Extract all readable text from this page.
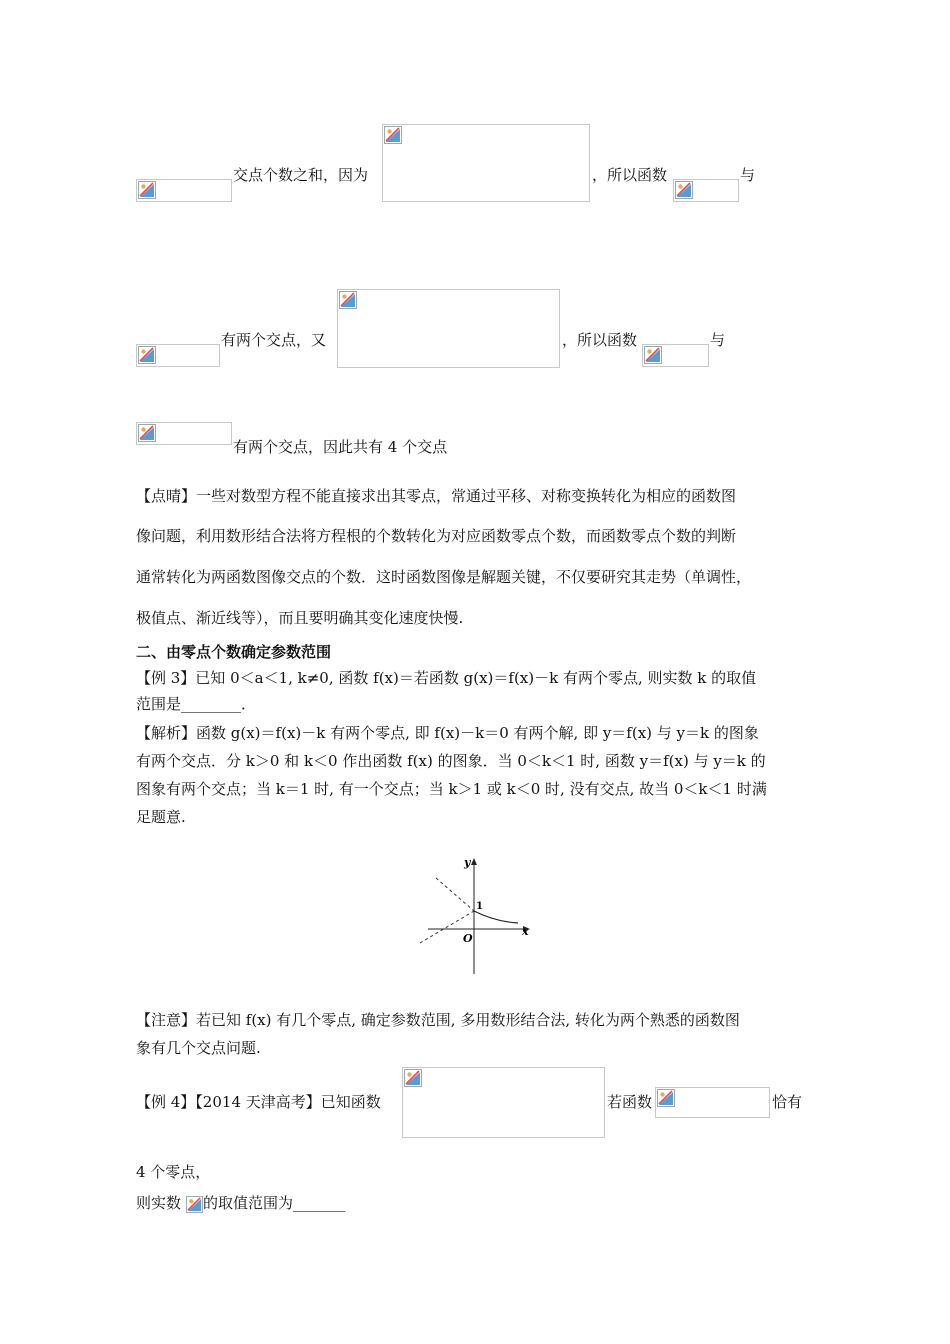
交点个数之和，因为	，所以函数	与
有两个交点，又	，所以函数	与
有两个交点，因此共有 4 个交点
【点晴】一些对数型方程不能直接求出其零点，常通过平移、对称变换转化为相应的函数图
像问题，利用数形结合法将方程根的个数转化为对应函数零点个数，而函数零点个数的判断
通常转化为两函数图像交点的个数．这时函数图像是解题关键，不仅要研究其走势（单调性，
极值点、渐近线等），而且要明确其变化速度快慢.
二、由零点个数确定参数范围
【例 3】已知 0＜a＜1, k≠0, 函数 f(x)＝若函数 g(x)＝f(x)－k 有两个零点, 则实数 k 的取值
范围是________．
【解析】函数 g(x)＝f(x)－k 有两个零点, 即 f(x)－k＝0 有两个解, 即 y＝f(x) 与 y＝k 的图象
有两个交点．分 k＞0 和 k＜0 作出函数 f(x) 的图象．当 0＜k＜1 时, 函数 y＝f(x) 与 y＝k 的
图象有两个交点；当 k＝1 时, 有一个交点；当 k＞1 或 k＜0 时, 没有交点, 故当 0＜k＜1 时满
足题意.
y
x
O
1
【注意】若已知 f(x) 有几个零点, 确定参数范围, 多用数形结合法, 转化为两个熟悉的函数图
象有几个交点问题.
【例 4】【2014 天津高考】已知函数	若函数	恰有
4 个零点，
则实数 的取值范围为_______
